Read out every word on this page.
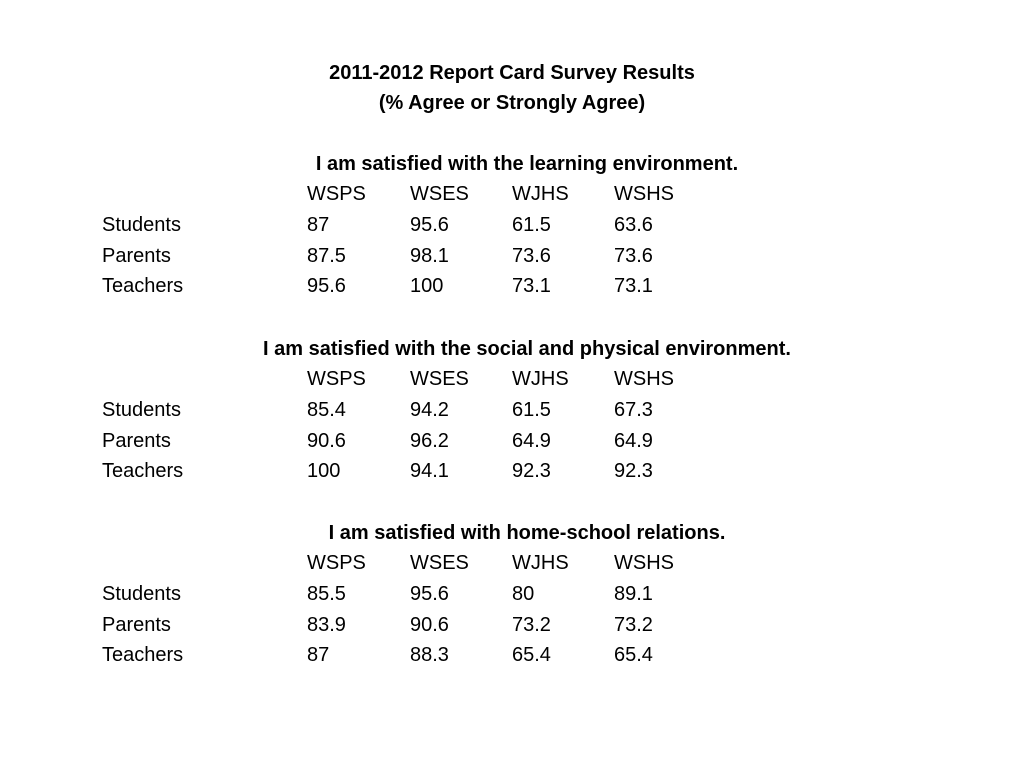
2011-2012 Report Card Survey Results
(% Agree or Strongly Agree)
I am satisfied with the learning environment.
WSPS WSES WJHS WSHS
Students	87	95.6	61.5	63.6
Parents	87.5	98.1	73.6	73.6
Teachers	95.6	100	73.1	73.1
I am satisfied with the social and physical environment.
WSPS WSES WJHS WSHS
Students	85.4	94.2	61.5	67.3
Parents	90.6	96.2	64.9	64.9
Teachers	100	94.1	92.3	92.3
I am satisfied with home-school relations.
WSPS WSES WJHS WSHS
Students	85.5	95.6	80	89.1
Parents	83.9	90.6	73.2	73.2
Teachers	87	88.3	65.4	65.4
